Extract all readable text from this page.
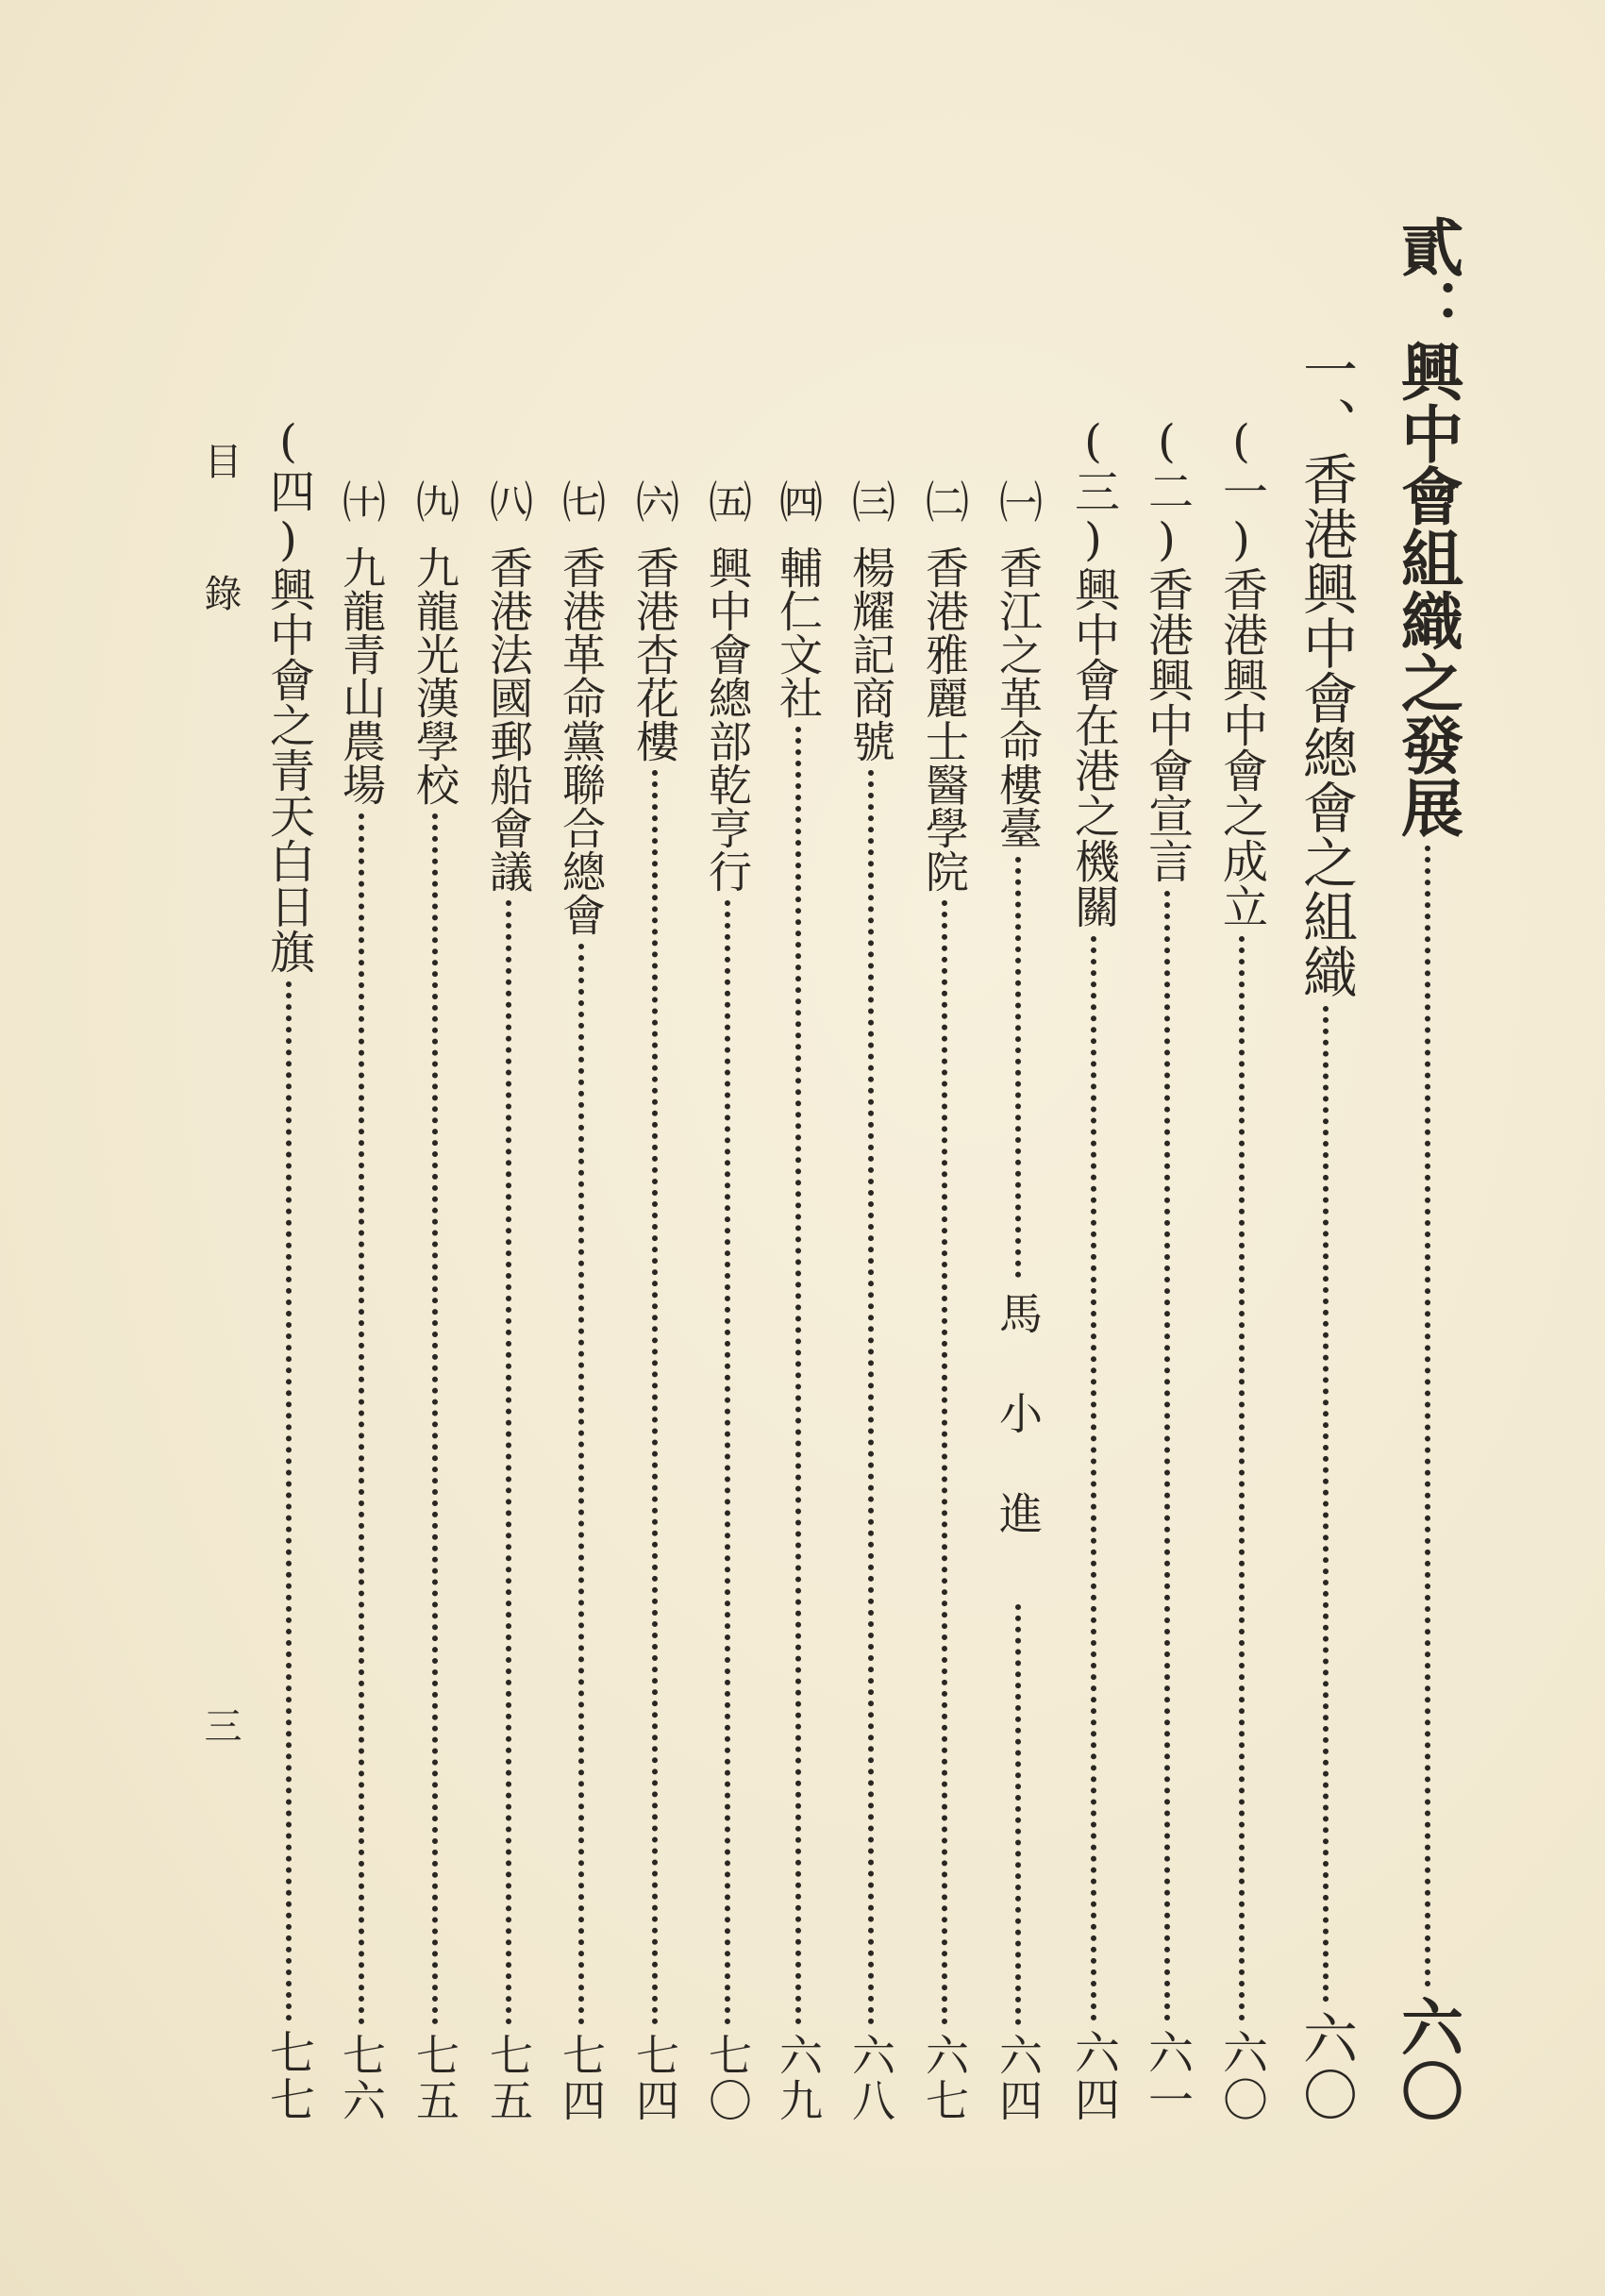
貳：興中會組織之發展
六〇
一、香港興中會總會之組織
六〇
(一)香港興中會之成立
六〇
(二)香港興中會宣言
六一
(三)興中會在港之機關
六四
㈠
香江之革命樓臺
馬小進
六四
㈡
香港雅麗士醫學院
六七
㈢
楊耀記商號
六八
㈣
輔仁文社
六九
㈤
興中會總部乾亨行
七〇
㈥
香港杏花樓
七四
㈦
香港革命黨聯合總會
七四
㈧
香港法國郵船會議
七五
㈨
九龍光漢學校
七五
㈩
九龍青山農場
七六
(四)興中會之青天白日旗
七七
目
錄
三
